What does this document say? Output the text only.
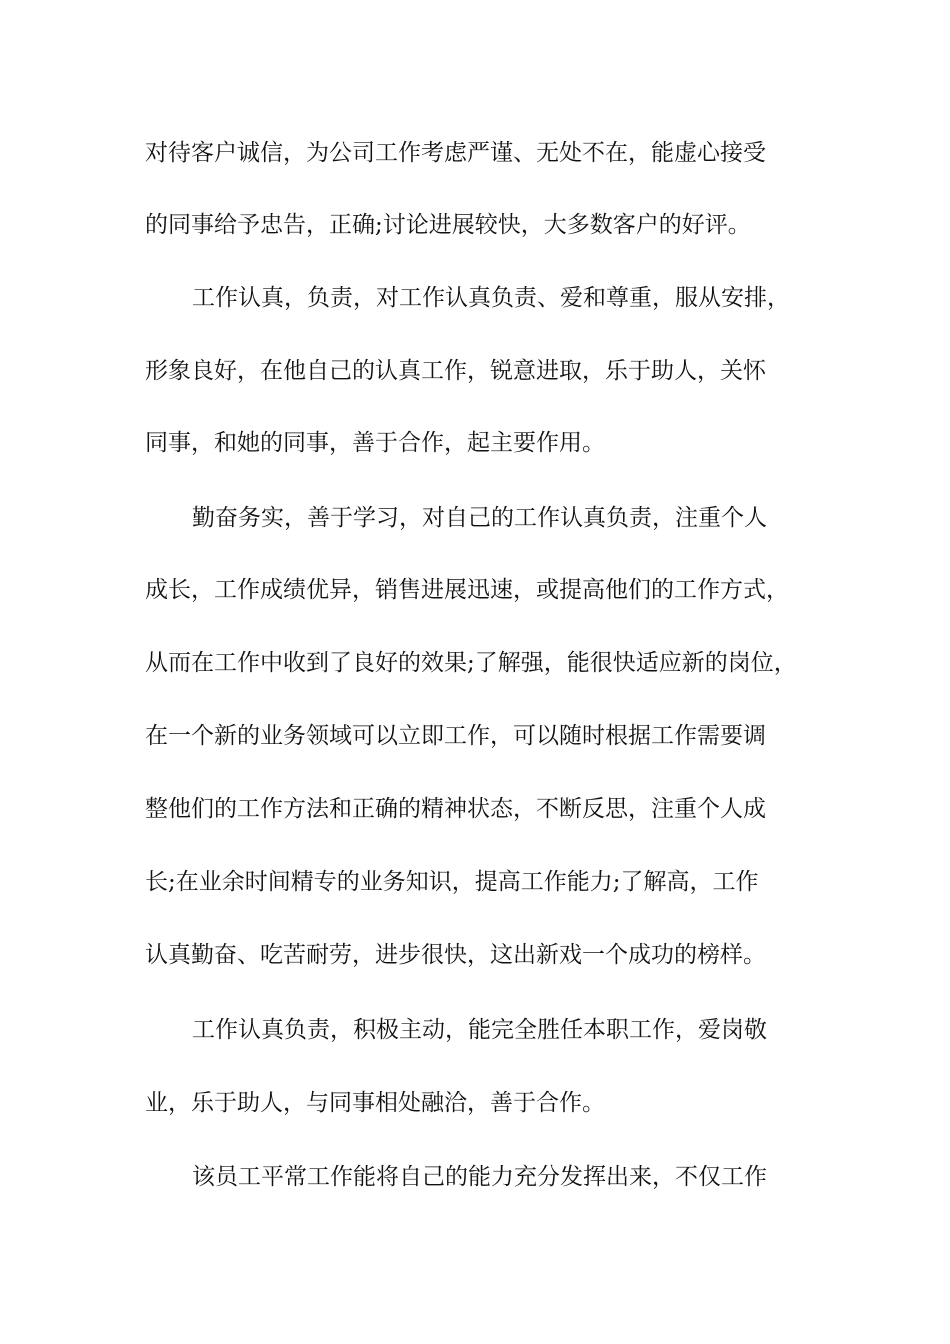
对待客户诚信，为公司工作考虑严谨、无处不在，能虚心接受
的同事给予忠告，正确;讨论进展较快，大多数客户的好评。
工作认真，负责，对工作认真负责、爱和尊重，服从安排，
形象良好，在他自己的认真工作，锐意进取，乐于助人，关怀
同事，和她的同事，善于合作，起主要作用。
勤奋务实，善于学习，对自己的工作认真负责，注重个人
成长，工作成绩优异，销售进展迅速，或提高他们的工作方式，
从而在工作中收到了良好的效果;了解强，能很快适应新的岗位，
在一个新的业务领域可以立即工作，可以随时根据工作需要调
整他们的工作方法和正确的精神状态，不断反思，注重个人成
长;在业余时间精专的业务知识，提高工作能力;了解高，工作
认真勤奋、吃苦耐劳，进步很快，这出新戏一个成功的榜样。
工作认真负责，积极主动，能完全胜任本职工作，爱岗敬
业，乐于助人，与同事相处融洽，善于合作。
该员工平常工作能将自己的能力充分发挥出来，不仅工作
